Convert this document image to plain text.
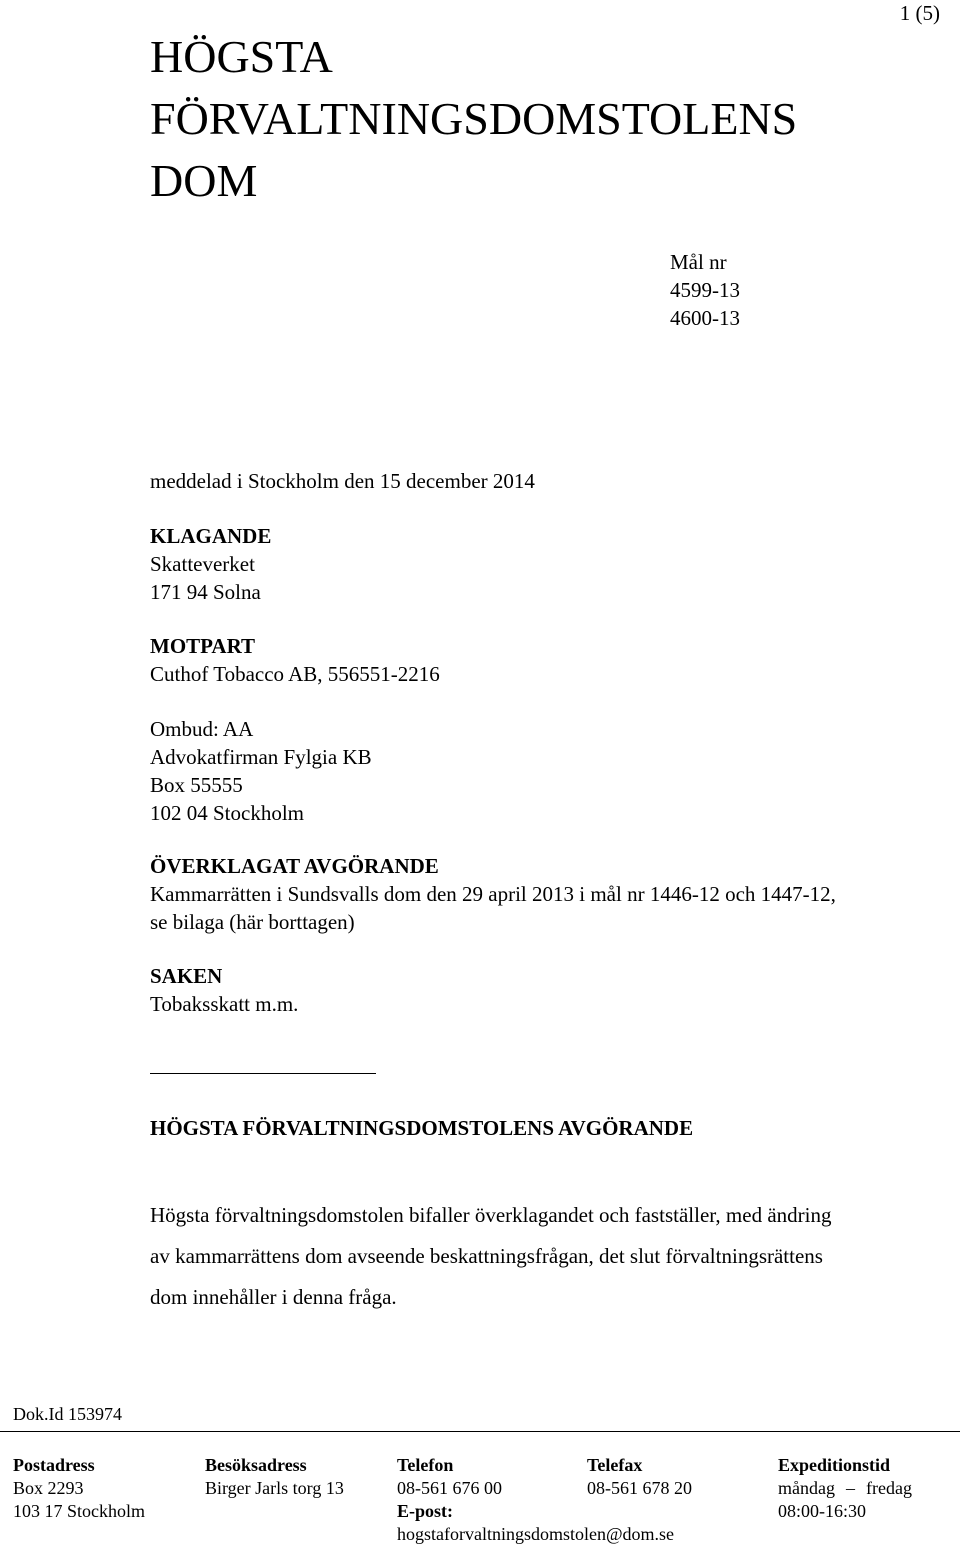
1 (5)
HÖGSTA
FÖRVALTNINGSDOMSTOLENS
DOM
Mål nr
4599-13
4600-13
meddelad i Stockholm den 15 december 2014
KLAGANDE
Skatteverket
171 94 Solna
MOTPART
Cuthof Tobacco AB, 556551-2216
Ombud: AA
Advokatfirman Fylgia KB
Box 55555
102 04 Stockholm
ÖVERKLAGAT AVGÖRANDE
Kammarrätten i Sundsvalls dom den 29 april 2013 i mål nr 1446-12 och 1447-12,
se bilaga (här borttagen)
SAKEN
Tobaksskatt m.m.
HÖGSTA FÖRVALTNINGSDOMSTOLENS AVGÖRANDE
Högsta förvaltningsdomstolen bifaller överklagandet och fastställer, med ändring
av kammarrättens dom avseende beskattningsfrågan, det slut förvaltningsrättens
dom innehåller i denna fråga.
Dok.Id 153974
Postadress
Box 2293
103 17 Stockholm
Besöksadress
Birger Jarls torg 13
Telefon
08-561 676 00
E-post:
hogstaforvaltningsdomstolen@dom.se
Telefax
08-561 678 20
Expeditionstid
måndag – fredag
08:00-16:30
